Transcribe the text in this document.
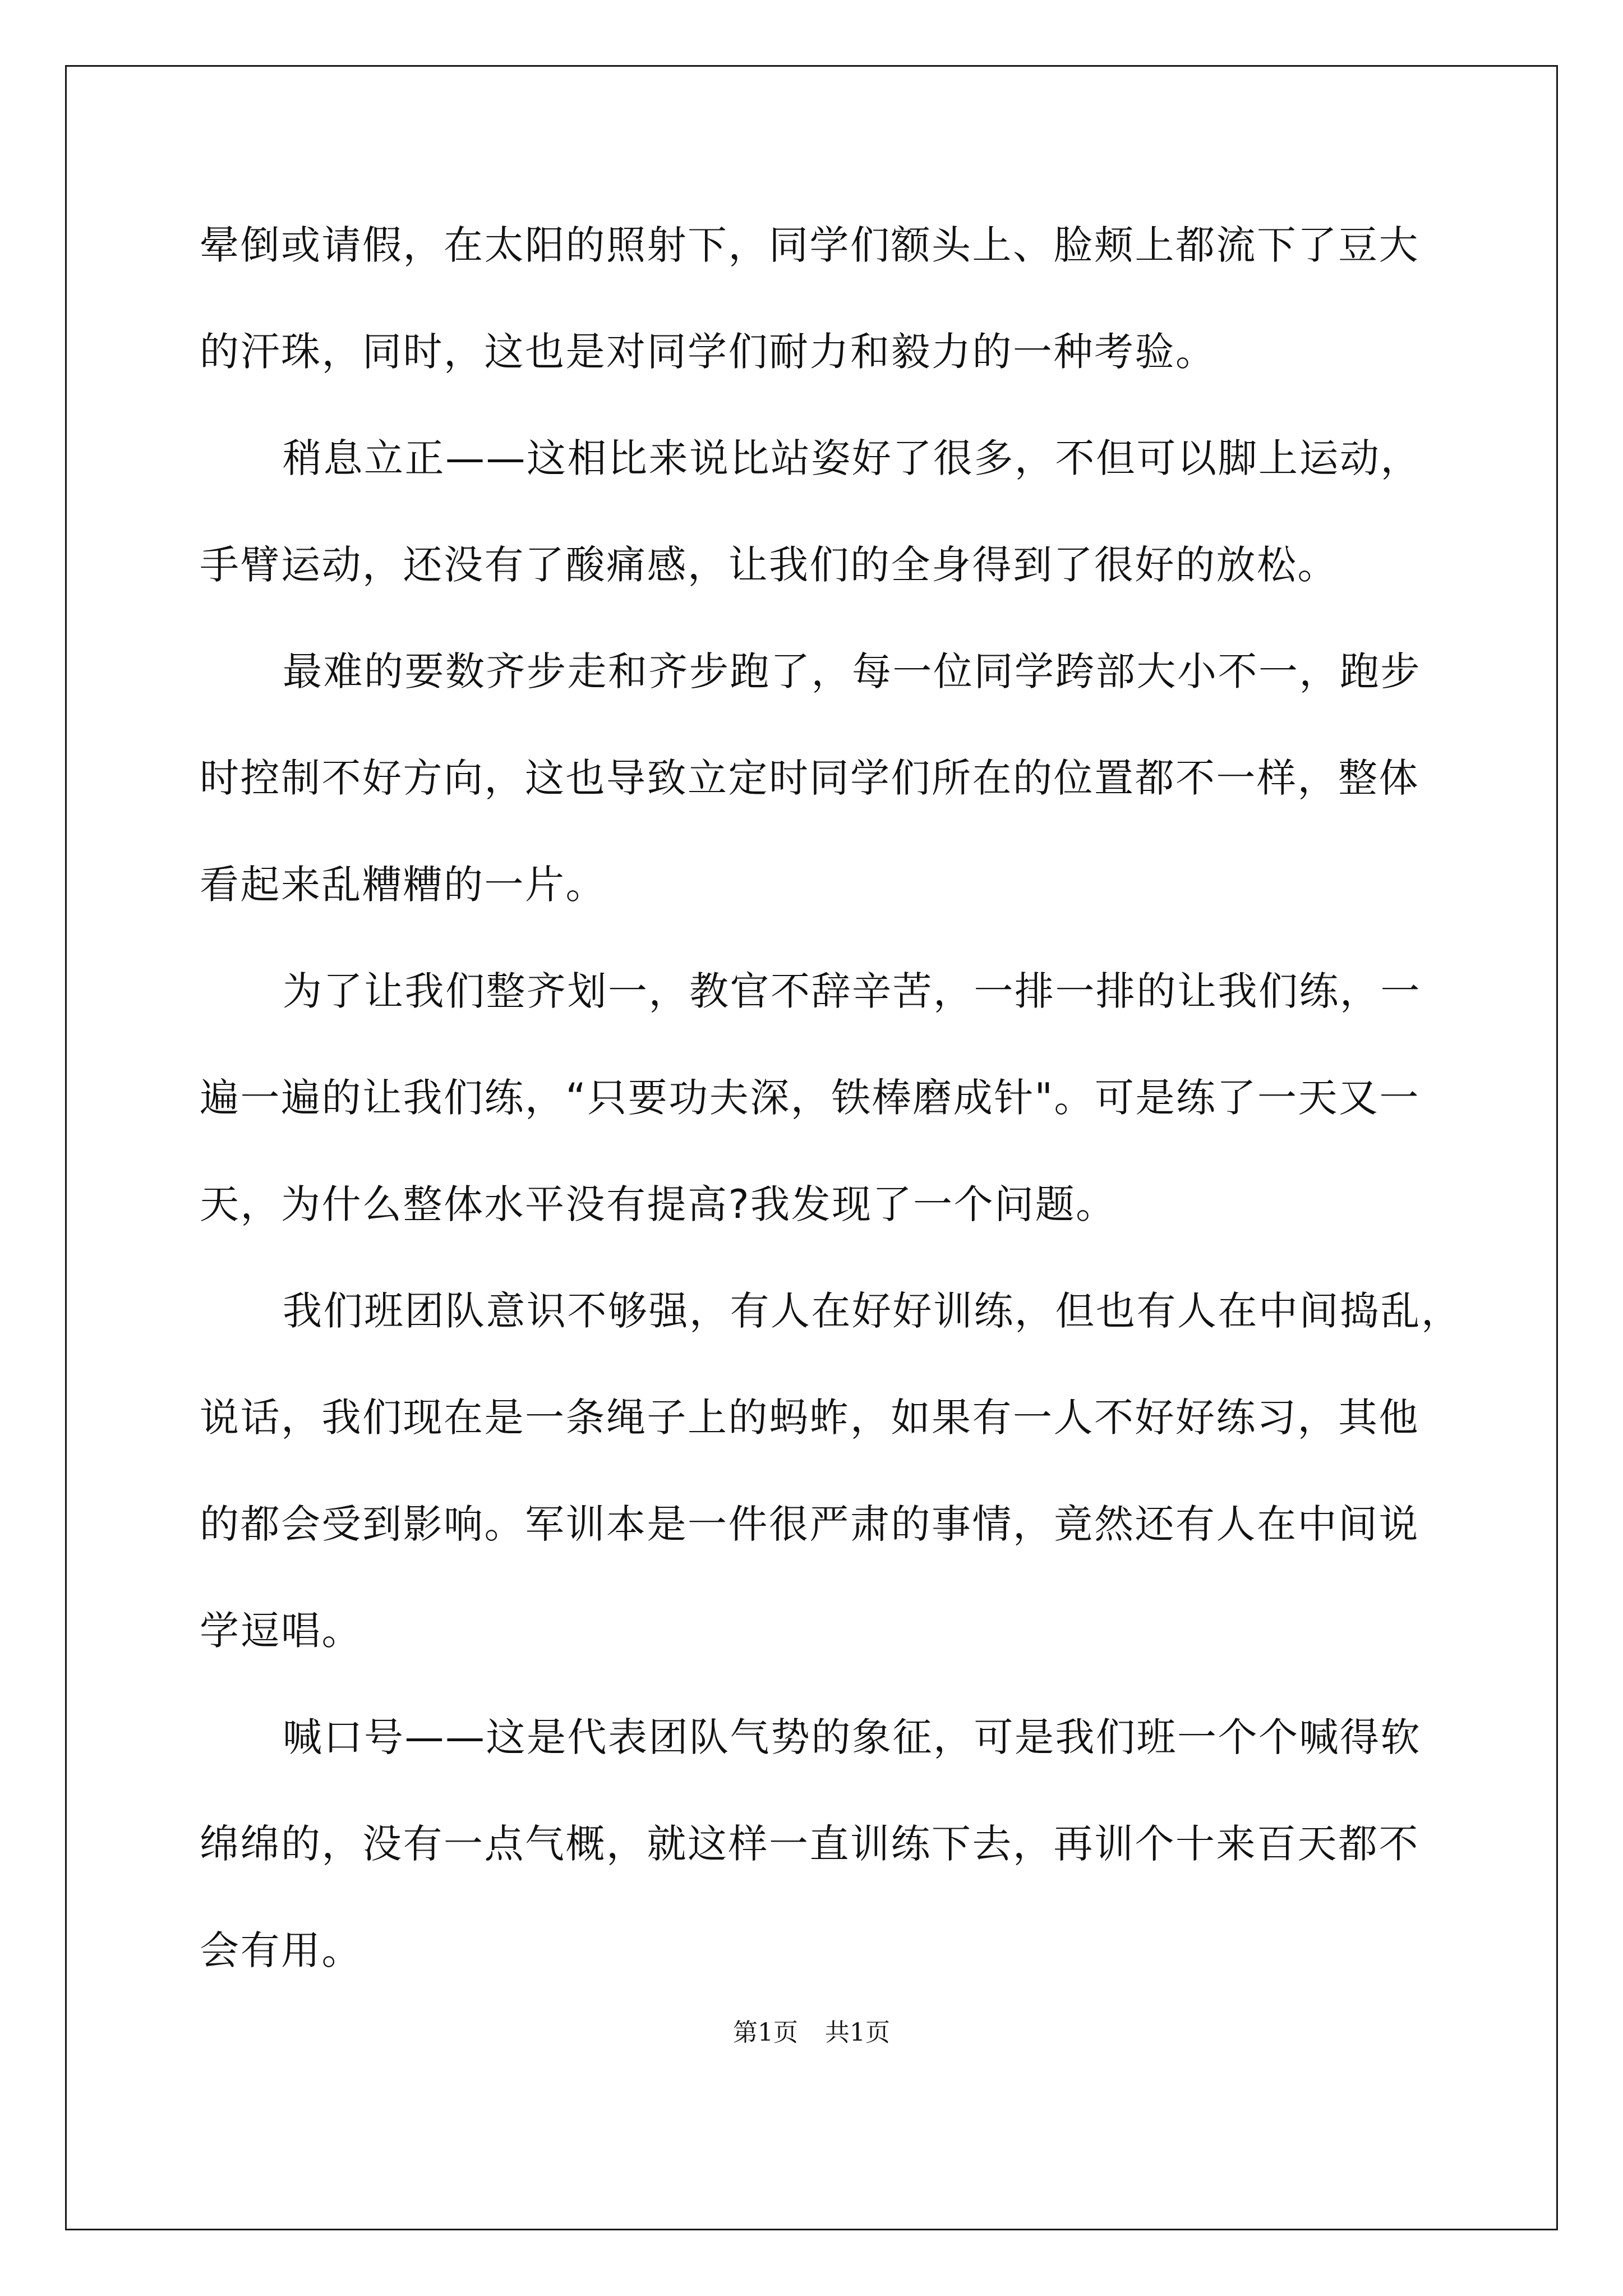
晕倒或请假，在太阳的照射下，同学们额头上、脸颊上都流下了豆大
的汗珠，同时，这也是对同学们耐力和毅力的一种考验。
稍息立正——这相比来说比站姿好了很多，不但可以脚上运动，
手臂运动，还没有了酸痛感，让我们的全身得到了很好的放松。
最难的要数齐步走和齐步跑了，每一位同学跨部大小不一，跑步
时控制不好方向，这也导致立定时同学们所在的位置都不一样，整体
看起来乱糟糟的一片。
为了让我们整齐划一，教官不辞辛苦，一排一排的让我们练，一
遍一遍的让我们练，“只要功夫深，铁棒磨成针"。可是练了一天又一
天，为什么整体水平没有提高?我发现了一个问题。
我们班团队意识不够强，有人在好好训练，但也有人在中间捣乱，
说话，我们现在是一条绳子上的蚂蚱，如果有一人不好好练习，其他
的都会受到影响。军训本是一件很严肃的事情，竟然还有人在中间说
学逗唱。
喊口号——这是代表团队气势的象征，可是我们班一个个喊得软
绵绵的，没有一点气概，就这样一直训练下去，再训个十来百天都不
会有用。
第1页 共1页
